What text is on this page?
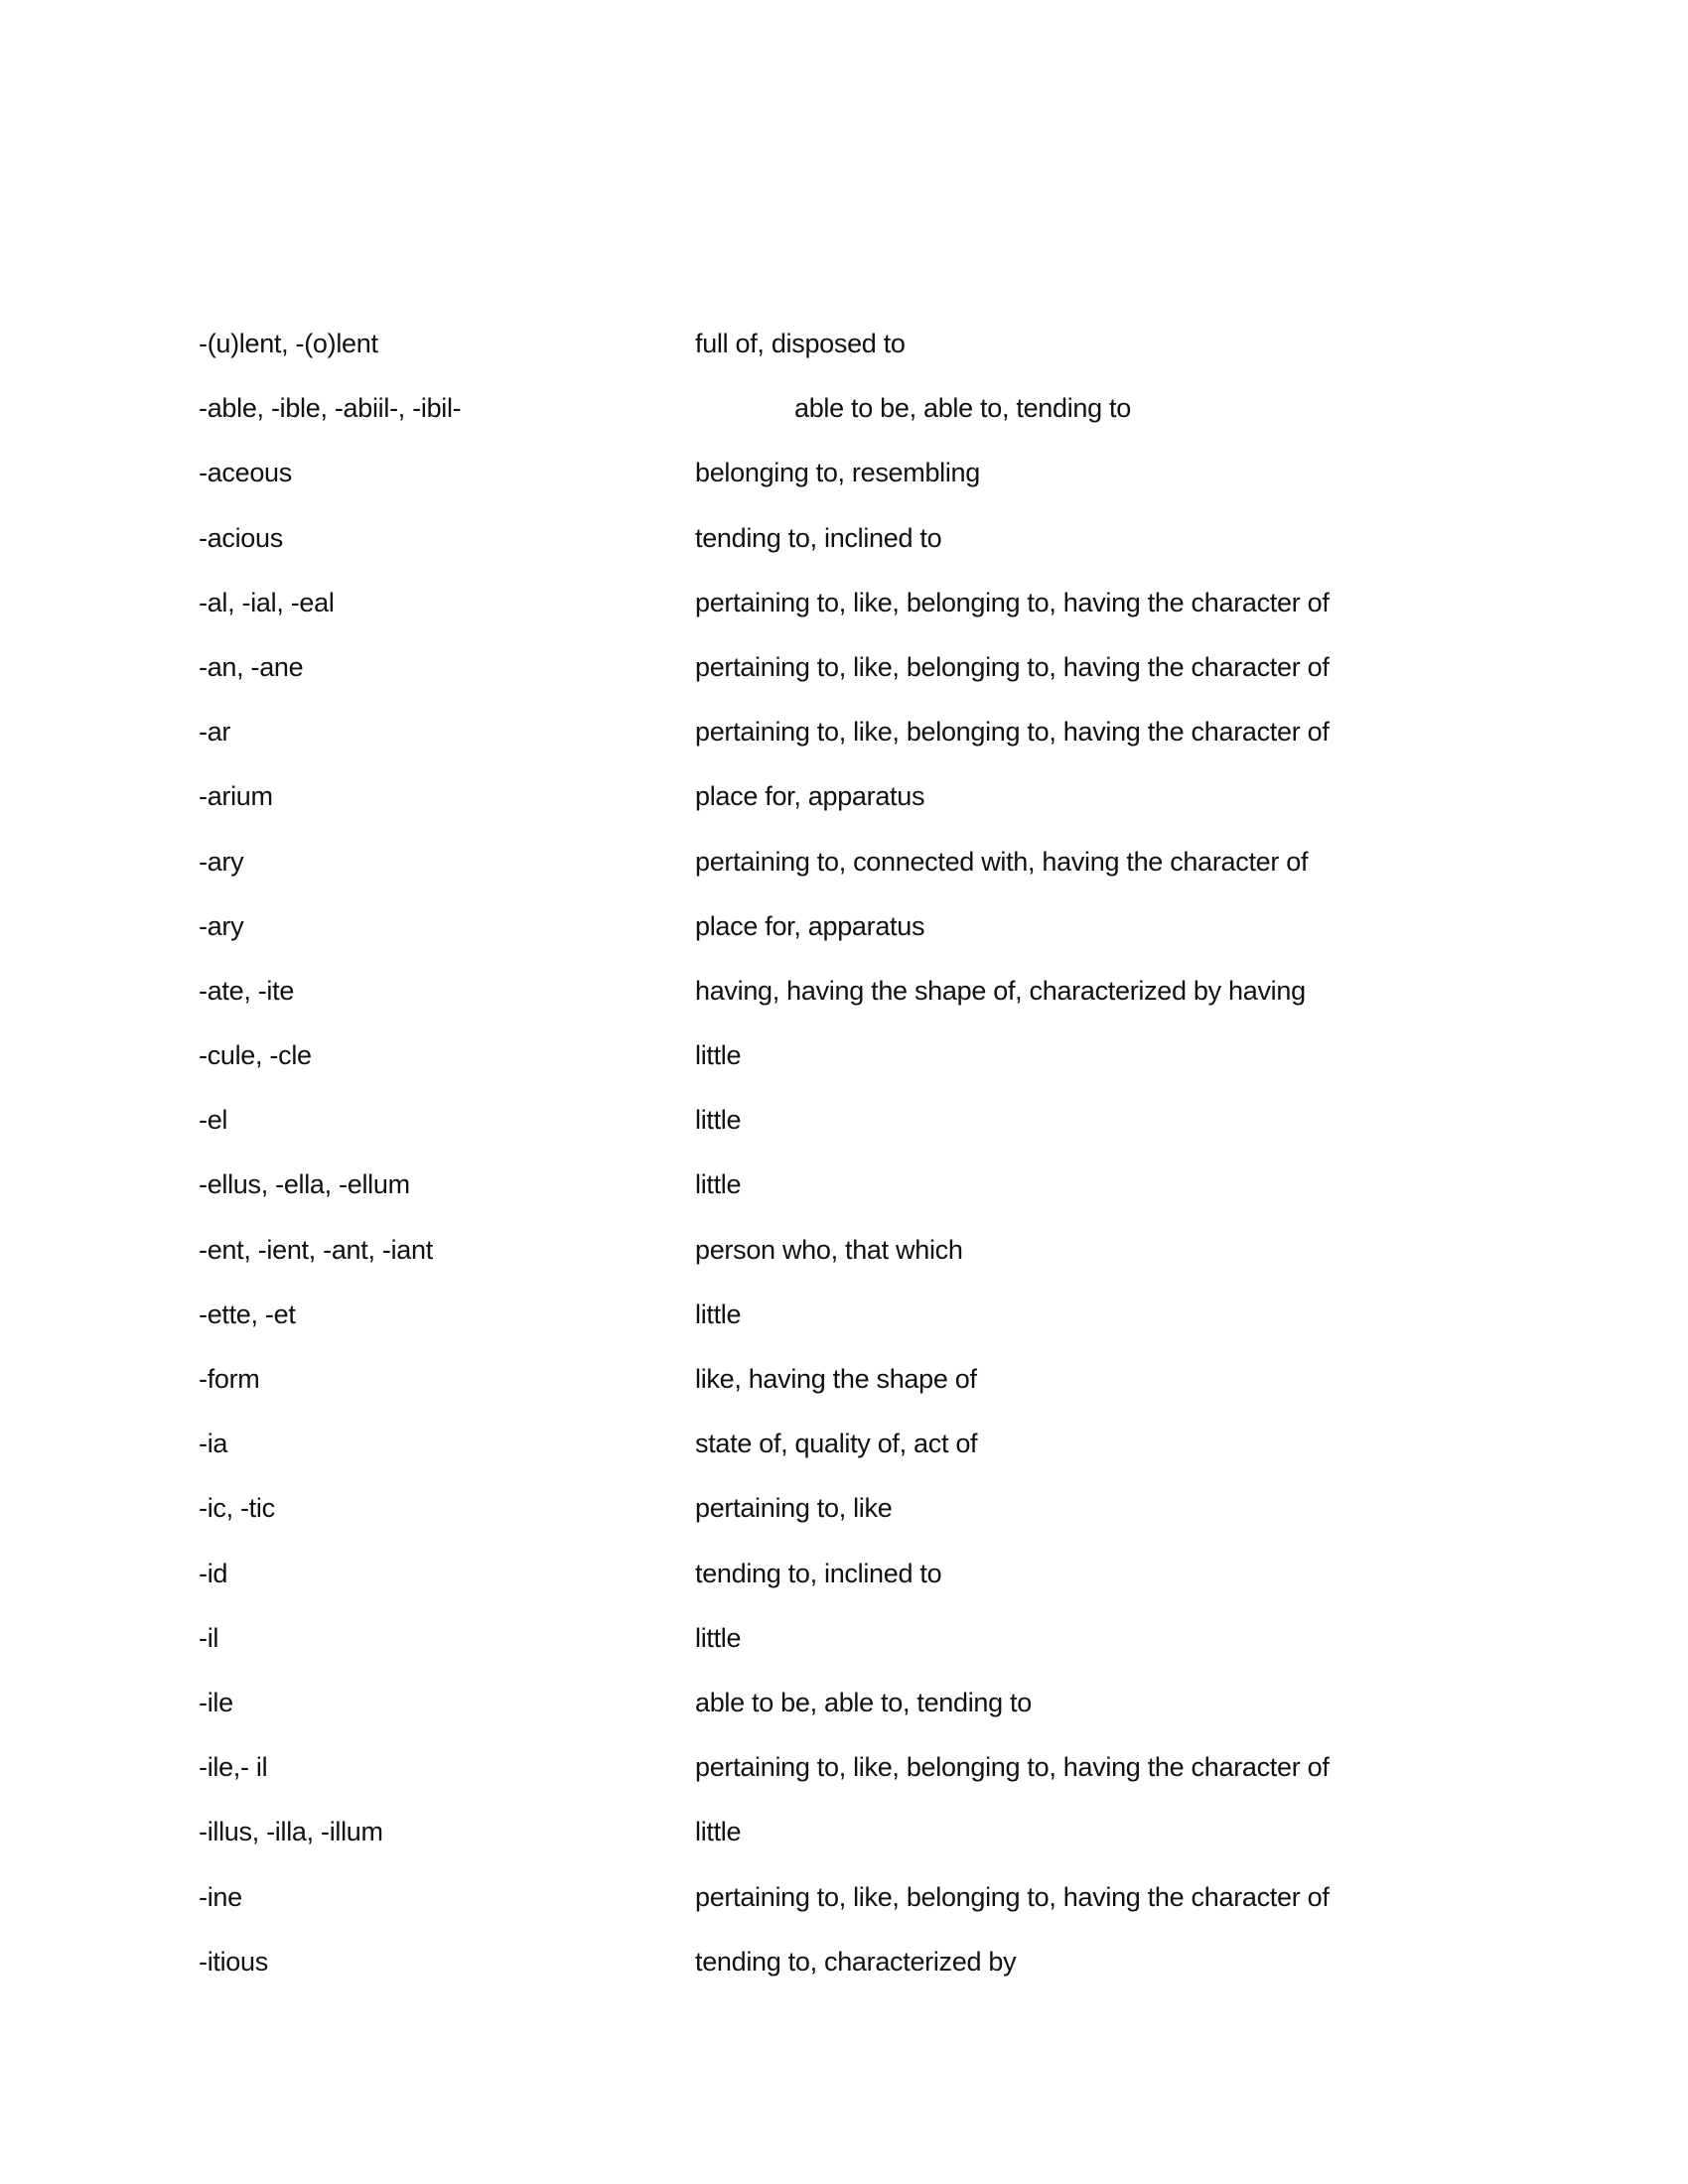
-(u)lent, -(o)lent	full of, disposed to
-able, -ible, -abiil-, -ibil-	able to be, able to, tending to
-aceous	belonging to, resembling
-acious	tending to, inclined to
-al, -ial, -eal	pertaining to, like, belonging to, having the character of
-an, -ane	pertaining to, like, belonging to, having the character of
-ar	pertaining to, like, belonging to, having the character of
-arium	place for, apparatus
-ary	pertaining to, connected with, having the character of
-ary	place for, apparatus
-ate, -ite	having, having the shape of, characterized by having
-cule, -cle	little
-el	little
-ellus, -ella, -ellum	little
-ent, -ient, -ant, -iant	person who, that which
-ette, -et	little
-form	like, having the shape of
-ia	state of, quality of, act of
-ic, -tic	pertaining to, like
-id	tending to, inclined to
-il	little
-ile	able to be, able to, tending to
-ile,- il	pertaining to, like, belonging to, having the character of
-illus, -illa, -illum	little
-ine	pertaining to, like, belonging to, having the character of
-itious	tending to, characterized by
